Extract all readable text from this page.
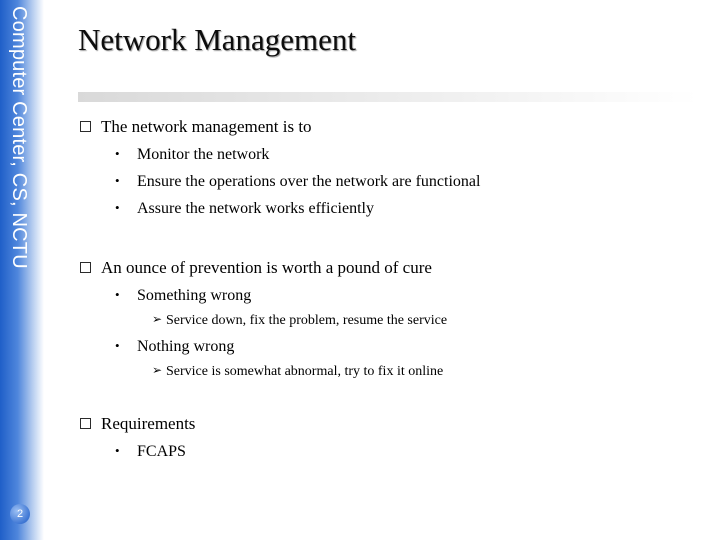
Computer Center, CS, NCTU
2
Network Management
The network management is to
• Monitor the network
• Ensure the operations over the network are functional
• Assure the network works efficiently
An ounce of prevention is worth a pound of cure
• Something wrong
➢ Service down, fix the problem, resume the service
• Nothing wrong
➢ Service is somewhat abnormal, try to fix it online
Requirements
• FCAPS
